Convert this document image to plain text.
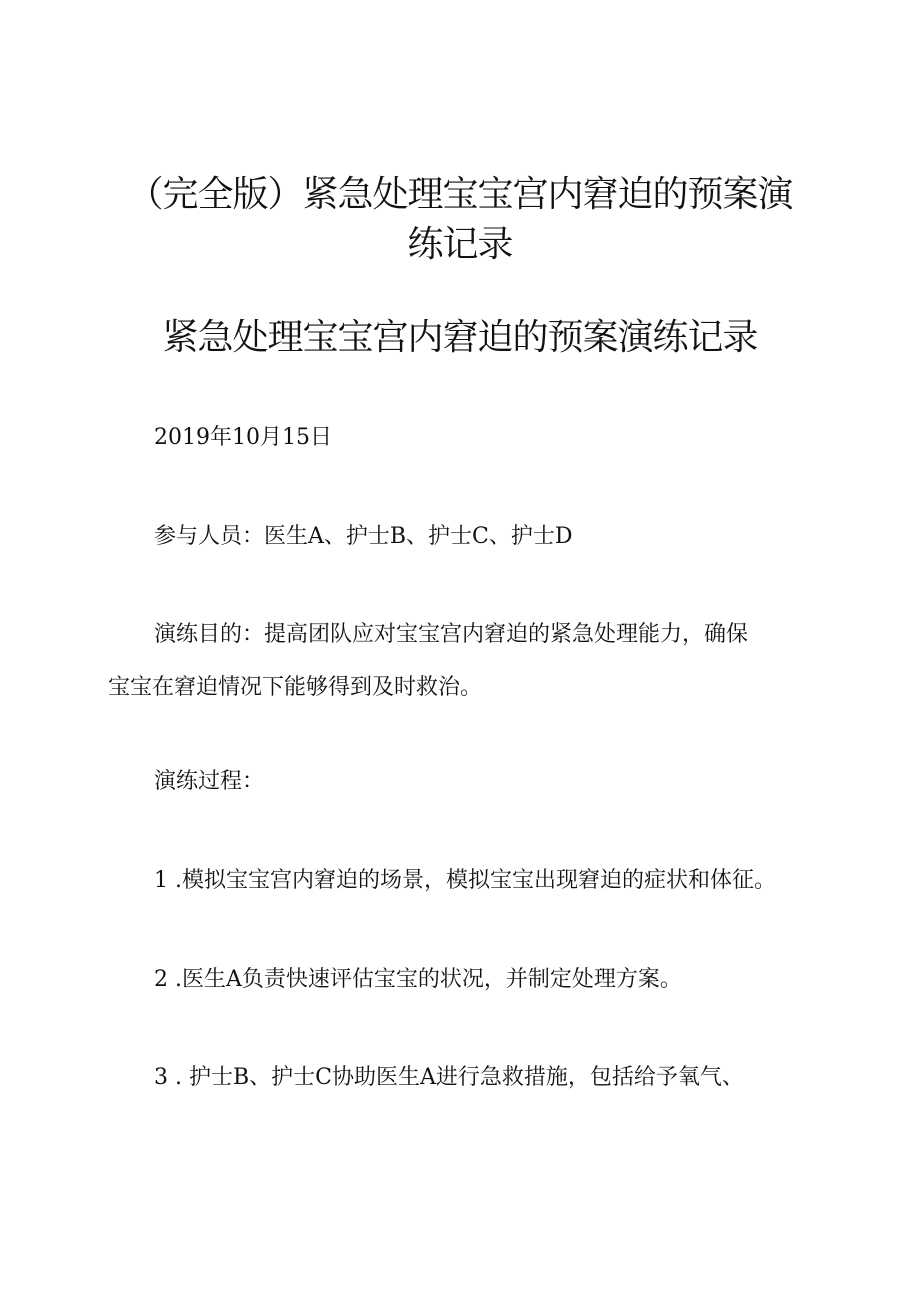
（完全版）紧急处理宝宝宫内窘迫的预案演
练记录
紧急处理宝宝宫内窘迫的预案演练记录

2019年10月15日

参与人员：医生A、护士B、护士C、护士D

演练目的：提高团队应对宝宝宫内窘迫的紧急处理能力，确保

宝宝在窘迫情况下能够得到及时救治。

演练过程：

1 .模拟宝宝宫内窘迫的场景，模拟宝宝出现窘迫的症状和体征。

2 .医生A负责快速评估宝宝的状况，并制定处理方案。

3 . 护士B、护士C协助医生A进行急救措施，包括给予氧气、
